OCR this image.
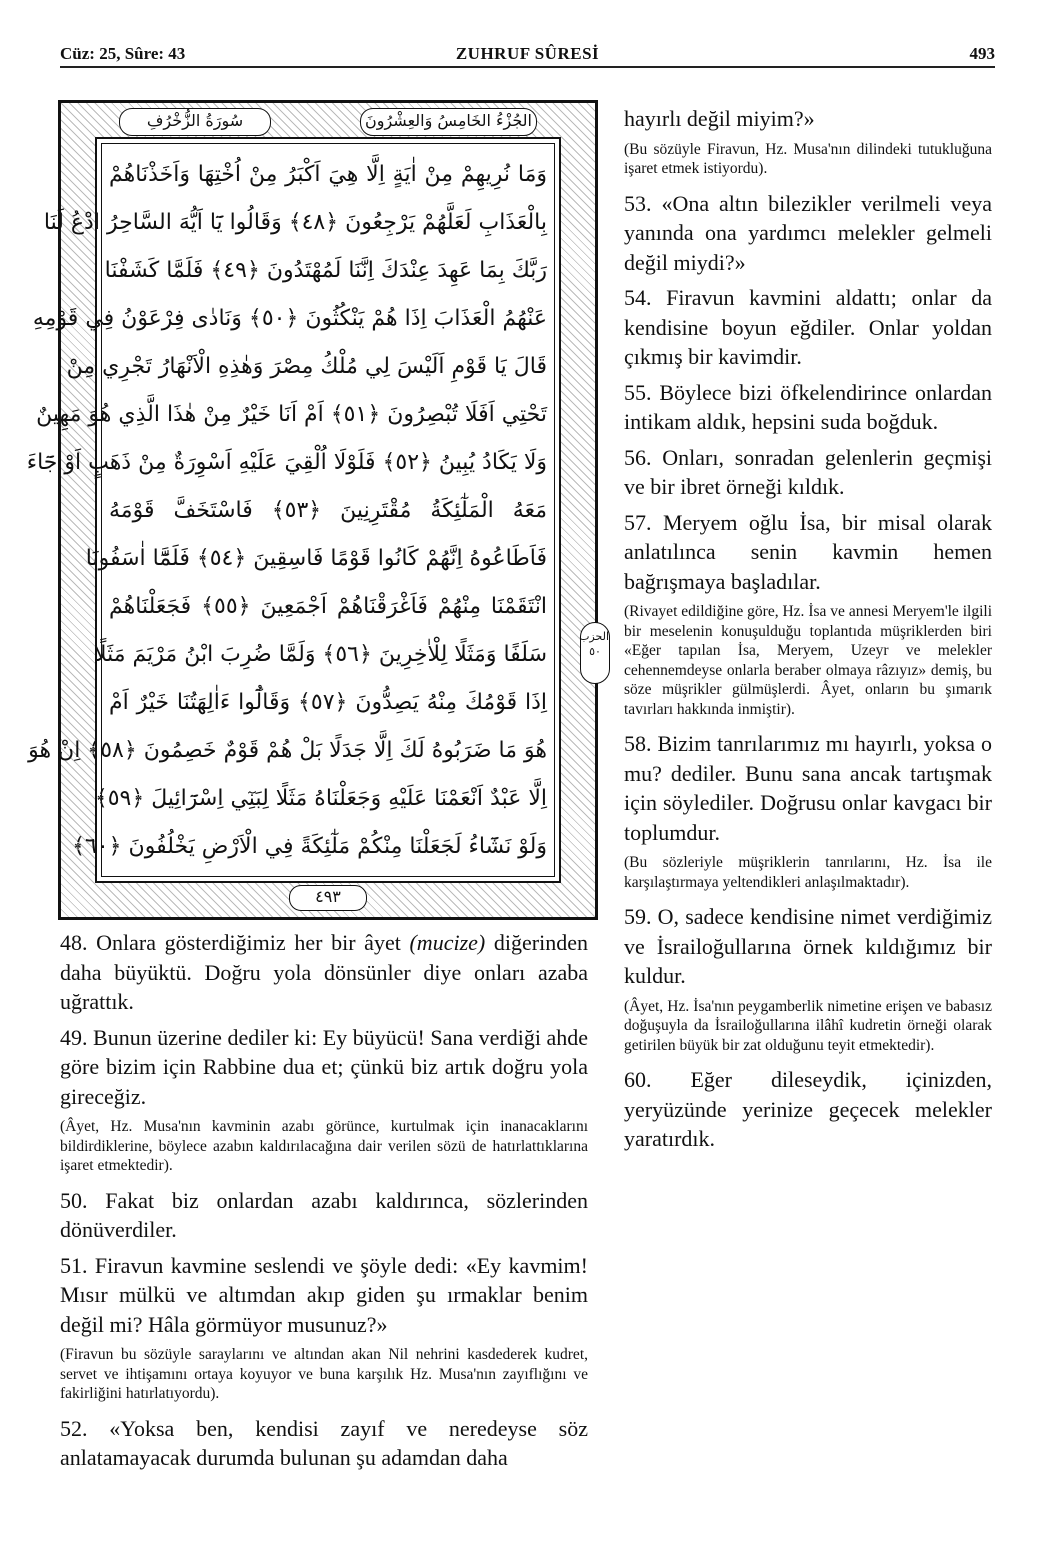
ZUHRUF SÛRESİ
Cüz: 25, Sûre: 43	493
سُورَةُ الزُّخْرُفِ	الجُزْءُ الخَامِسُ وَالعِشْرُونَ
وَمَا نُرِيهِمْ مِنْ اٰيَةٍ اِلَّا هِيَ اَكْبَرُ مِنْ اُخْتِهَا وَاَخَذْنَاهُمْ
بِالْعَذَابِ لَعَلَّهُمْ يَرْجِعُونَ ﴿٤٨﴾ وَقَالُوا يَٓا اَيُّهَ السَّاحِرُ ادْعُ لَنَا
رَبَّكَ بِمَا عَهِدَ عِنْدَكَ اِنَّنَا لَمُهْتَدُونَ ﴿٤٩﴾ فَلَمَّا كَشَفْنَا
عَنْهُمُ الْعَذَابَ اِذَا هُمْ يَنْكُثُونَ ﴿٥٠﴾ وَنَادٰى فِرْعَوْنُ فِي قَوْمِهِ
قَالَ يَا قَوْمِ اَلَيْسَ لِي مُلْكُ مِصْرَ وَهٰذِهِ الْاَنْهَارُ تَجْرِي مِنْ
تَحْتِي اَفَلَا تُبْصِرُونَ ﴿٥١﴾ اَمْ اَنَا خَيْرٌ مِنْ هٰذَا الَّذِي هُوَ مَهِينٌ
وَلَا يَكَادُ يُبِينُ ﴿٥٢﴾ فَلَوْلَا اُلْقِيَ عَلَيْهِ اَسْوِرَةٌ مِنْ ذَهَبٍ اَوْ جَٓاءَ
مَعَهُ الْمَلٰٓئِكَةُ مُقْتَرِنِينَ ﴿٥٣﴾ فَاسْتَخَفَّ قَوْمَهُ
فَاَطَاعُوهُ اِنَّهُمْ كَانُوا قَوْمًا فَاسِقِينَ ﴿٥٤﴾ فَلَمَّٓا اٰسَفُونَا
انْتَقَمْنَا مِنْهُمْ فَاَغْرَقْنَاهُمْ اَجْمَعِينَ ﴿٥٥﴾ فَجَعَلْنَاهُمْ
سَلَفًا وَمَثَلًا لِلْاٰخِرِينَ ﴿٥٦﴾ وَلَمَّا ضُرِبَ ابْنُ مَرْيَمَ مَثَلًا
اِذَا قَوْمُكَ مِنْهُ يَصِدُّونَ ﴿٥٧﴾ وَقَالُٓوا ءَاٰلِهَتُنَا خَيْرٌ اَمْ
هُوَ مَا ضَرَبُوهُ لَكَ اِلَّا جَدَلًا بَلْ هُمْ قَوْمٌ خَصِمُونَ ﴿٥٨﴾ اِنْ هُوَ
اِلَّا عَبْدٌ اَنْعَمْنَا عَلَيْهِ وَجَعَلْنَاهُ مَثَلًا لِبَنِٓي اِسْرَٓائِيلَ ﴿٥٩﴾
وَلَوْ نَشَٓاءُ لَجَعَلْنَا مِنْكُمْ مَلٰٓئِكَةً فِي الْاَرْضِ يَخْلُفُونَ ﴿٦٠﴾
٤٩٣
الحزب ٥٠

48. Onlara gösterdiğimiz her bir âyet (mucize) diğerinden daha büyüktü. Doğru yola dönsünler diye onları azaba uğrattık.

49. Bunun üzerine dediler ki: Ey büyücü! Sana verdiği ahde göre bizim için Rabbine dua et; çünkü biz artık doğru yola gireceğiz.

(Âyet, Hz. Musa'nın kavminin azabı görünce, kurtulmak için inanacaklarını bildirdiklerine, böylece azabın kaldırılacağına dair verilen sözü de hatırlattıklarına işaret etmektedir).

50. Fakat biz onlardan azabı kaldırınca, sözlerinden dönüverdiler.

51. Firavun kavmine seslendi ve şöyle dedi: «Ey kavmim! Mısır mülkü ve altımdan akıp giden şu ırmaklar benim değil mi? Hâla görmüyor musunuz?»

(Firavun bu sözüyle saraylarını ve altından akan Nil nehrini kasdederek kudret, servet ve ihtişamını ortaya koyuyor ve buna karşılık Hz. Musa'nın zayıflığını ve fakirliğini hatırlatıyordu).

52. «Yoksa ben, kendisi zayıf ve neredeyse söz anlatamayacak durumda bulunan şu adamdan daha

hayırlı değil miyim?»

(Bu sözüyle Firavun, Hz. Musa'nın dilindeki tutukluğuna işaret etmek istiyordu).

53. «Ona altın bilezikler verilmeli veya yanında ona yardımcı melekler gelmeli değil miydi?»

54. Firavun kavmini aldattı; onlar da kendisine boyun eğdiler. Onlar yoldan çıkmış bir kavimdir.

55. Böylece bizi öfkelendirince onlardan intikam aldık, hepsini suda boğduk.

56. Onları, sonradan gelenlerin geçmişi ve bir ibret örneği kıldık.

57. Meryem oğlu İsa, bir misal olarak anlatılınca senin kavmin hemen bağrışmaya başladılar.

(Rivayet edildiğine göre, Hz. İsa ve annesi Meryem'le ilgili bir meselenin konuşulduğu toplantıda müşriklerden biri «Eğer tapılan İsa, Meryem, Uzeyr ve melekler cehennemdeyse onlarla beraber olmaya râzıyız» demiş, bu söze müşrikler gülmüşlerdi. Âyet, onların bu şımarık tavırları hakkında inmiştir).

58. Bizim tanrılarımız mı hayırlı, yoksa o mu? dediler. Bunu sana ancak tartışmak için söylediler. Doğrusu onlar kavgacı bir toplumdur.

(Bu sözleriyle müşriklerin tanrılarını, Hz. İsa ile karşılaştırmaya yeltendikleri anlaşılmaktadır).

59. O, sadece kendisine nimet verdiğimiz ve İsrailoğullarına örnek kıldığımız bir kuldur.

(Âyet, Hz. İsa'nın peygamberlik nimetine erişen ve babasız doğuşuyla da İsrailoğullarına ilâhî kudretin örneği olarak getirilen büyük bir zat olduğunu teyit etmektedir).

60. Eğer dileseydik, içinizden, yeryüzünde yerinize geçecek melekler yaratırdık.
